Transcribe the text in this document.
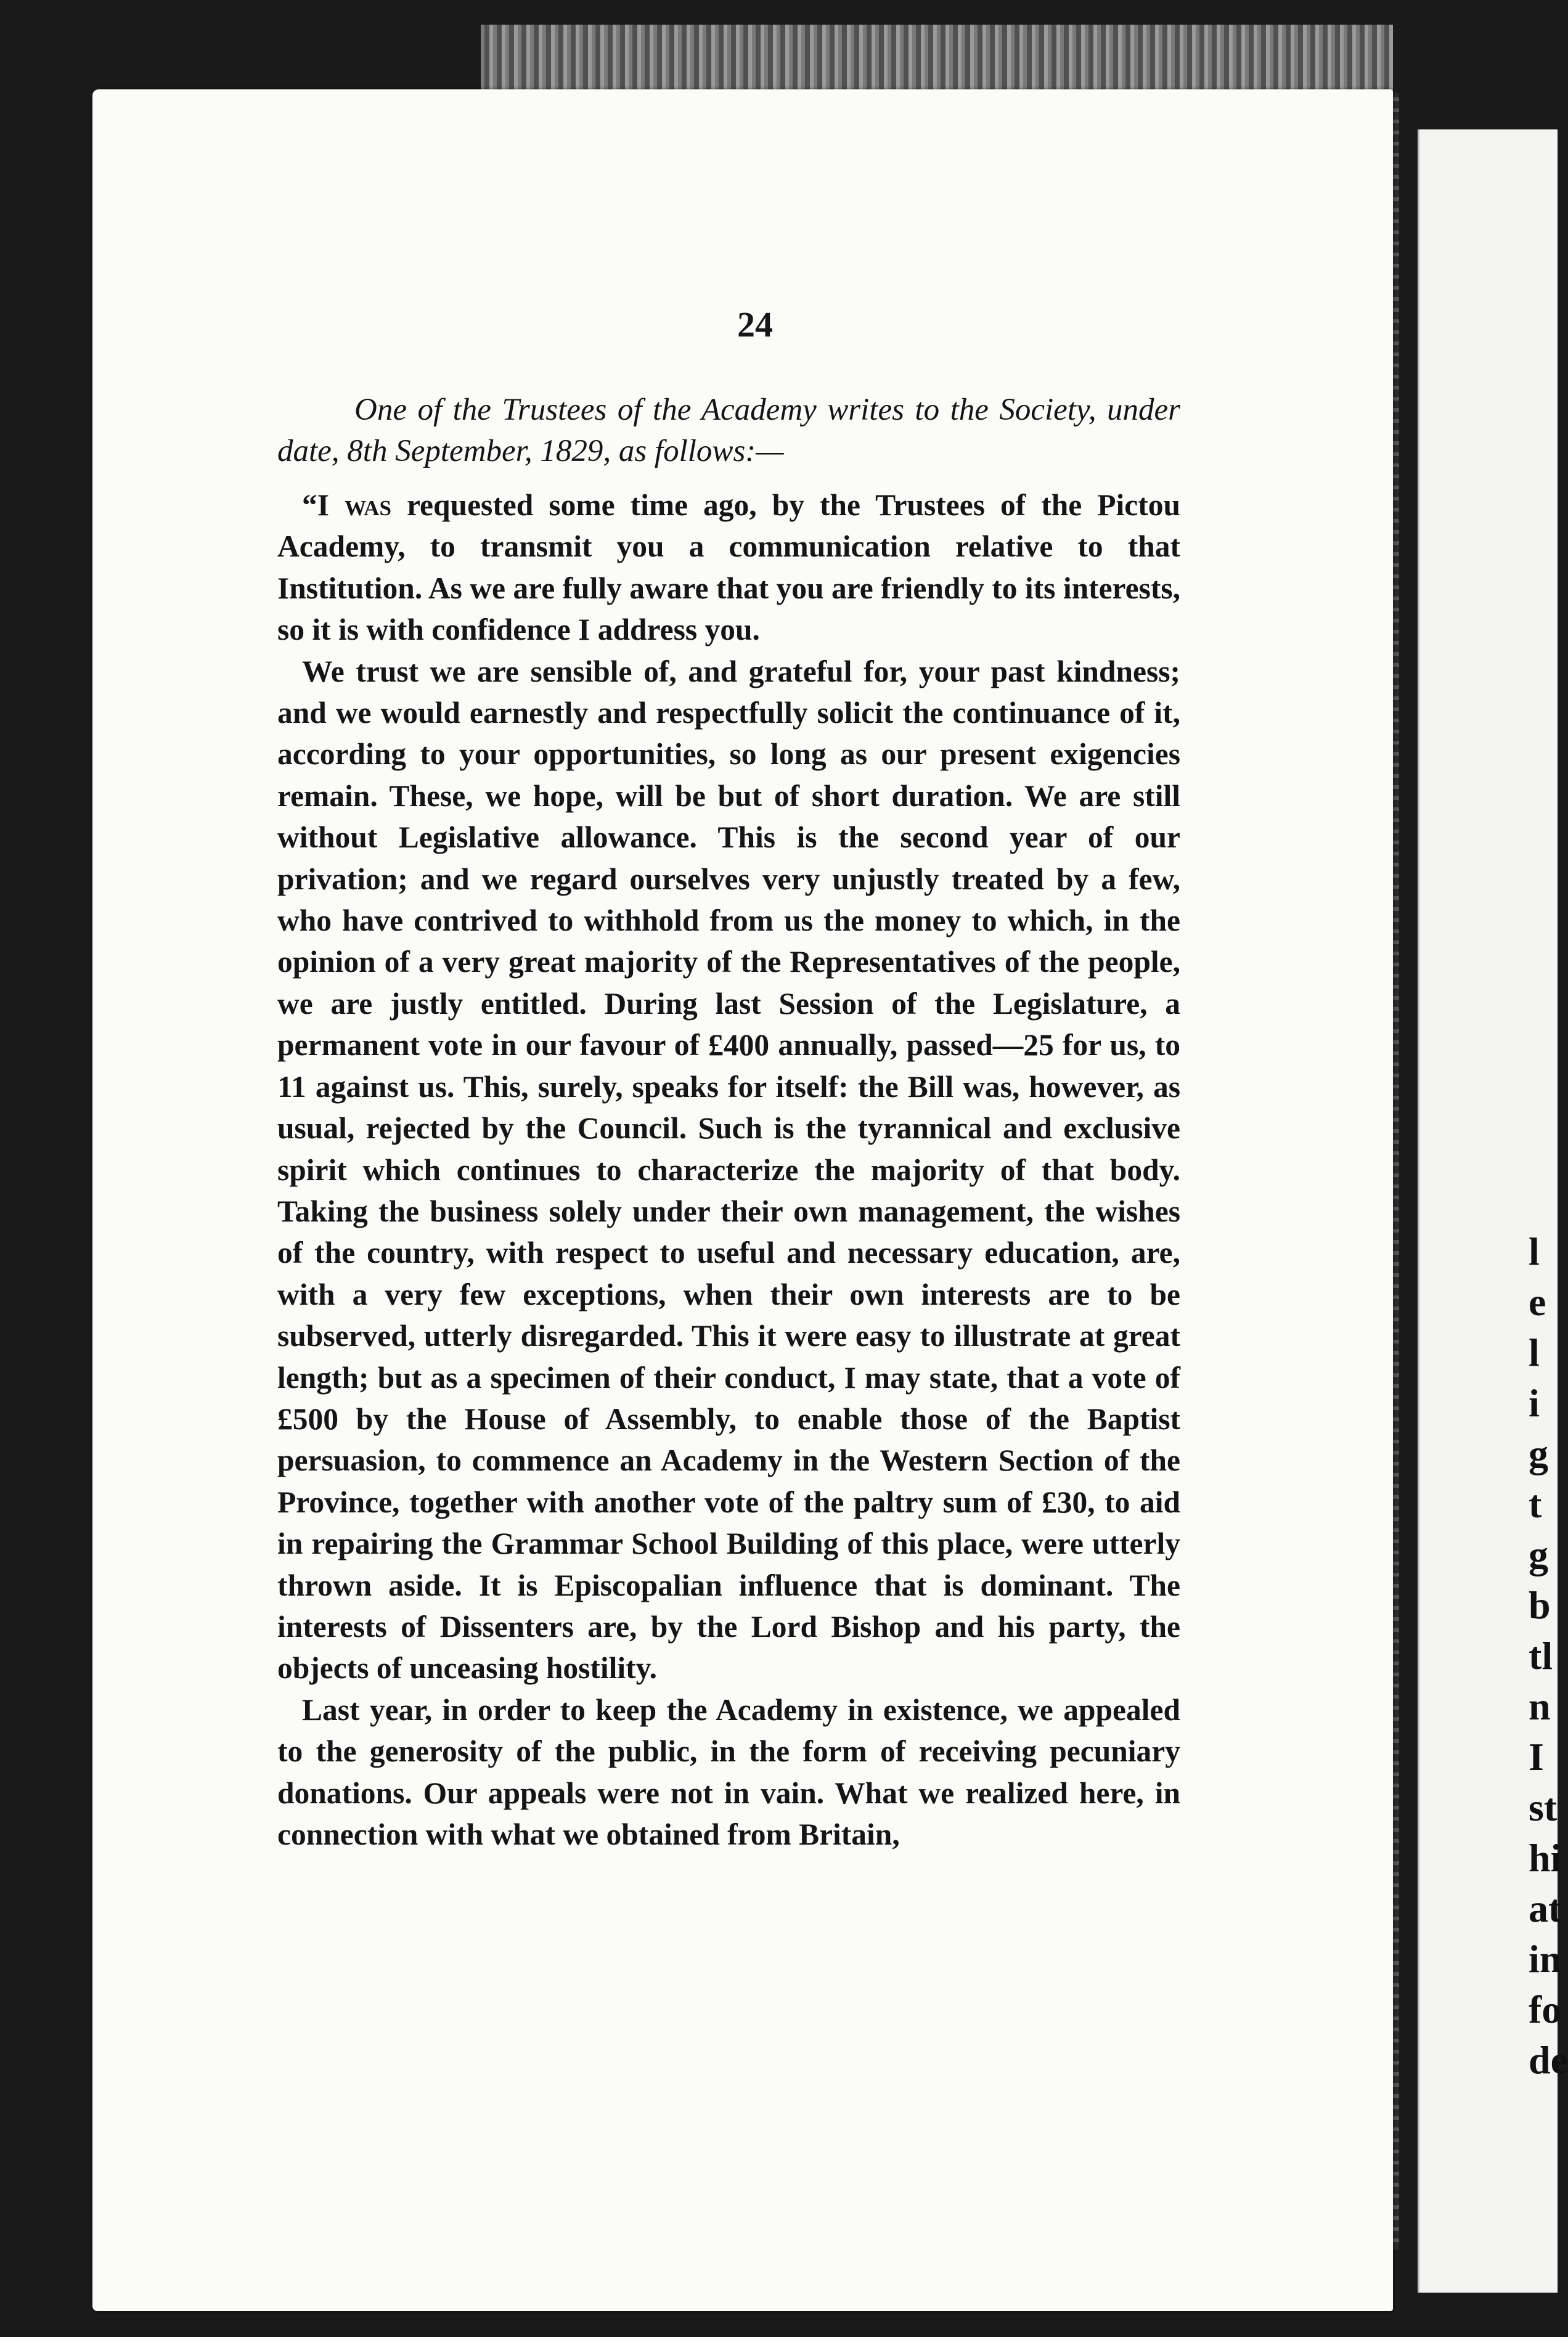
l
e
l
i
g
t
g
b
tl
n
I
st
hi
at
in
fo
de
24

One of the Trustees of the Academy writes to the Society, under date, 8th September, 1829, as follows:—

“I was requested some time ago, by the Trustees of the Pictou Academy, to transmit you a communication relative to that Institution. As we are fully aware that you are friendly to its interests, so it is with confidence I address you.

We trust we are sensible of, and grateful for, your past kindness; and we would earnestly and respectfully solicit the continuance of it, according to your opportunities, so long as our present exigencies remain. These, we hope, will be but of short duration. We are still without Legislative allowance. This is the second year of our privation; and we regard ourselves very unjustly treated by a few, who have contrived to withhold from us the money to which, in the opinion of a very great majority of the Representatives of the people, we are justly entitled. During last Session of the Legislature, a permanent vote in our favour of £400 annually, passed—25 for us, to 11 against us. This, surely, speaks for itself: the Bill was, however, as usual, rejected by the Council. Such is the tyrannical and exclusive spirit which continues to characterize the majority of that body. Taking the business solely under their own management, the wishes of the country, with respect to useful and necessary education, are, with a very few exceptions, when their own interests are to be subserved, utterly disregarded. This it were easy to illustrate at great length; but as a specimen of their conduct, I may state, that a vote of £500 by the House of Assembly, to enable those of the Baptist persuasion, to commence an Academy in the Western Section of the Province, together with another vote of the paltry sum of £30, to aid in repairing the Grammar School Building of this place, were utterly thrown aside. It is Episcopalian influence that is dominant. The interests of Dissenters are, by the Lord Bishop and his party, the objects of unceasing hostility.

Last year, in order to keep the Academy in existence, we appealed to the generosity of the public, in the form of receiving pecuniary donations. Our appeals were not in vain. What we realized here, in connection with what we obtained from Britain,
